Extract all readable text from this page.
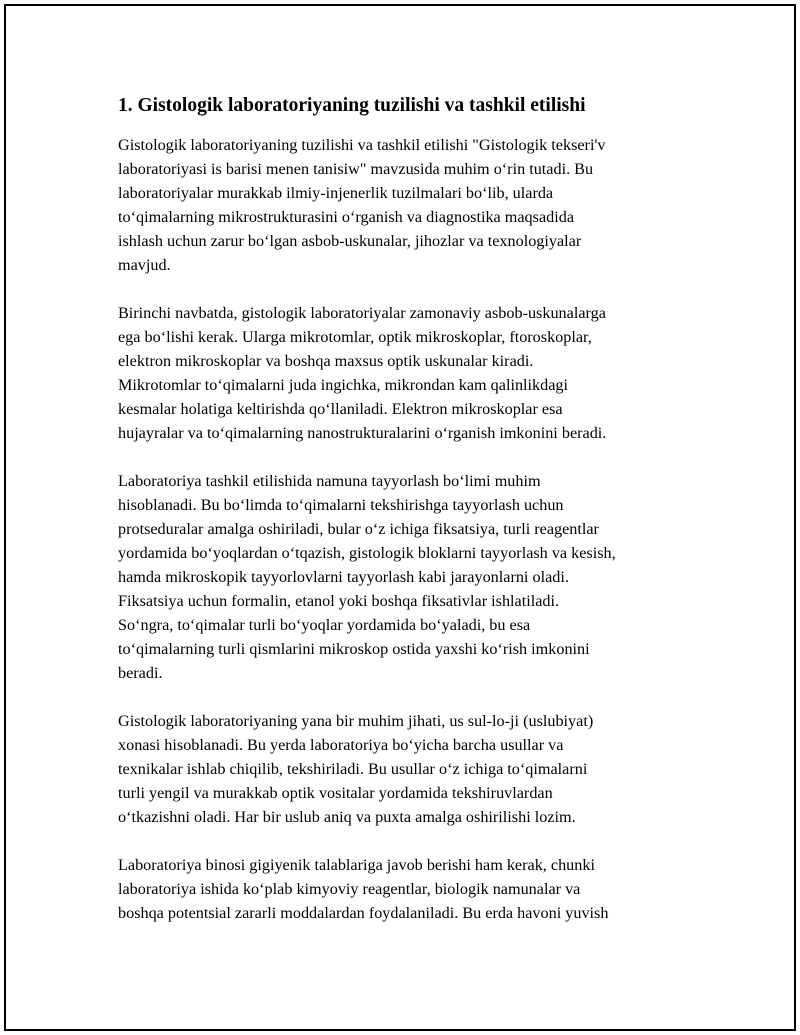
1. Gistologik laboratoriyaning tuzilishi va tashkil etilishi

Gistologik laboratoriyaning tuzilishi va tashkil etilishi "Gistologik tekseri'v
laboratoriyasi is barisi menen tanisiw" mavzusida muhim o‘rin tutadi. Bu
laboratoriyalar murakkab ilmiy-injenerlik tuzilmalari bo‘lib, ularda
to‘qimalarning mikrostrukturasini o‘rganish va diagnostika maqsadida
ishlash uchun zarur bo‘lgan asbob-uskunalar, jihozlar va texnologiyalar
mavjud.

Birinchi navbatda, gistologik laboratoriyalar zamonaviy asbob-uskunalarga
ega bo‘lishi kerak. Ularga mikrotomlar, optik mikroskoplar, ftoroskoplar,
elektron mikroskoplar va boshqa maxsus optik uskunalar kiradi.
Mikrotomlar to‘qimalarni juda ingichka, mikrondan kam qalinlikdagi
kesmalar holatiga keltirishda qo‘llaniladi. Elektron mikroskoplar esa
hujayralar va to‘qimalarning nanostrukturalarini o‘rganish imkonini beradi.

Laboratoriya tashkil etilishida namuna tayyorlash bo‘limi muhim
hisoblanadi. Bu bo‘limda to‘qimalarni tekshirishga tayyorlash uchun
protseduralar amalga oshiriladi, bular o‘z ichiga fiksatsiya, turli reagentlar
yordamida bo‘yoqlardan o‘tqazish, gistologik bloklarni tayyorlash va kesish,
hamda mikroskopik tayyorlovlarni tayyorlash kabi jarayonlarni oladi.
Fiksatsiya uchun formalin, etanol yoki boshqa fiksativlar ishlatiladi.
So‘ngra, to‘qimalar turli bo‘yoqlar yordamida bo‘yaladi, bu esa
to‘qimalarning turli qismlarini mikroskop ostida yaxshi ko‘rish imkonini
beradi.

Gistologik laboratoriyaning yana bir muhim jihati, us sul-lo-ji (uslubiyat)
xonasi hisoblanadi. Bu yerda laboratoriya bo‘yicha barcha usullar va
texnikalar ishlab chiqilib, tekshiriladi. Bu usullar o‘z ichiga to‘qimalarni
turli yengil va murakkab optik vositalar yordamida tekshiruvlardan
o‘tkazishni oladi. Har bir uslub aniq va puxta amalga oshirilishi lozim.

Laboratoriya binosi gigiyenik talablariga javob berishi ham kerak, chunki
laboratoriya ishida ko‘plab kimyoviy reagentlar, biologik namunalar va
boshqa potentsial zararli moddalardan foydalaniladi. Bu erda havoni yuvish
